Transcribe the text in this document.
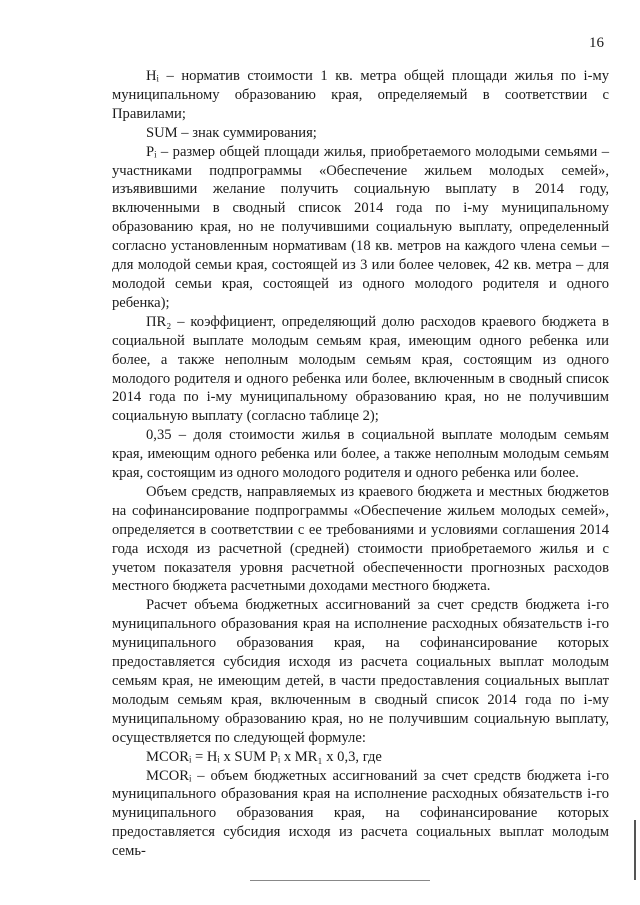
16

Hᵢ – норматив стоимости 1 кв. метра общей площади жилья по i-му муниципальному образованию края, определяемый в соответствии с Правилами;

SUM – знак суммирования;

Pᵢ – размер общей площади жилья, приобретаемого молодыми семьями – участниками подпрограммы «Обеспечение жильем молодых семей», изъявившими желание получить социальную выплату в 2014 году, включенными в сводный список 2014 года по i-му муниципальному образованию края, но не получившими социальную выплату, определенный согласно установленным нормативам (18 кв. метров на каждого члена семьи – для молодой семьи края, состоящей из 3 или более человек, 42 кв. метра – для молодой семьи края, состоящей из одного молодого родителя и одного ребенка);

ПR₂ – коэффициент, определяющий долю расходов краевого бюджета в социальной выплате молодым семьям края, имеющим одного ребенка или более, а также неполным молодым семьям края, состоящим из одного молодого родителя и одного ребенка или более, включенным в сводный список 2014 года по i-му муниципальному образованию края, но не получившим социальную выплату (согласно таблице 2);

0,35 – доля стоимости жилья в социальной выплате молодым семьям края, имеющим одного ребенка или более, а также неполным молодым семьям края, состоящим из одного молодого родителя и одного ребенка или более.

Объем средств, направляемых из краевого бюджета и местных бюджетов на софинансирование подпрограммы «Обеспечение жильем молодых семей», определяется в соответствии с ее требованиями и условиями соглашения 2014 года исходя из расчетной (средней) стоимости приобретаемого жилья и с учетом показателя уровня расчетной обеспеченности прогнозных расходов местного бюджета расчетными доходами местного бюджета.

Расчет объема бюджетных ассигнований за счет средств бюджета i-го муниципального образования края на исполнение расходных обязательств i-го муниципального образования края, на софинансирование которых предоставляется субсидия исходя из расчета социальных выплат молодым семьям края, не имеющим детей, в части предоставления социальных выплат молодым семьям края, включенным в сводный список 2014 года по i-му муниципальному образованию края, но не получившим социальную выплату, осуществляется по следующей формуле:

MCORᵢ = Hᵢ x SUM Pᵢ x MR₁ x 0,3, где

MCORᵢ – объем бюджетных ассигнований за счет средств бюджета i-го муниципального образования края на исполнение расходных обязательств i-го муниципального образования края, на софинансирование которых предоставляется субсидия исходя из расчета социальных выплат молодым семь-
